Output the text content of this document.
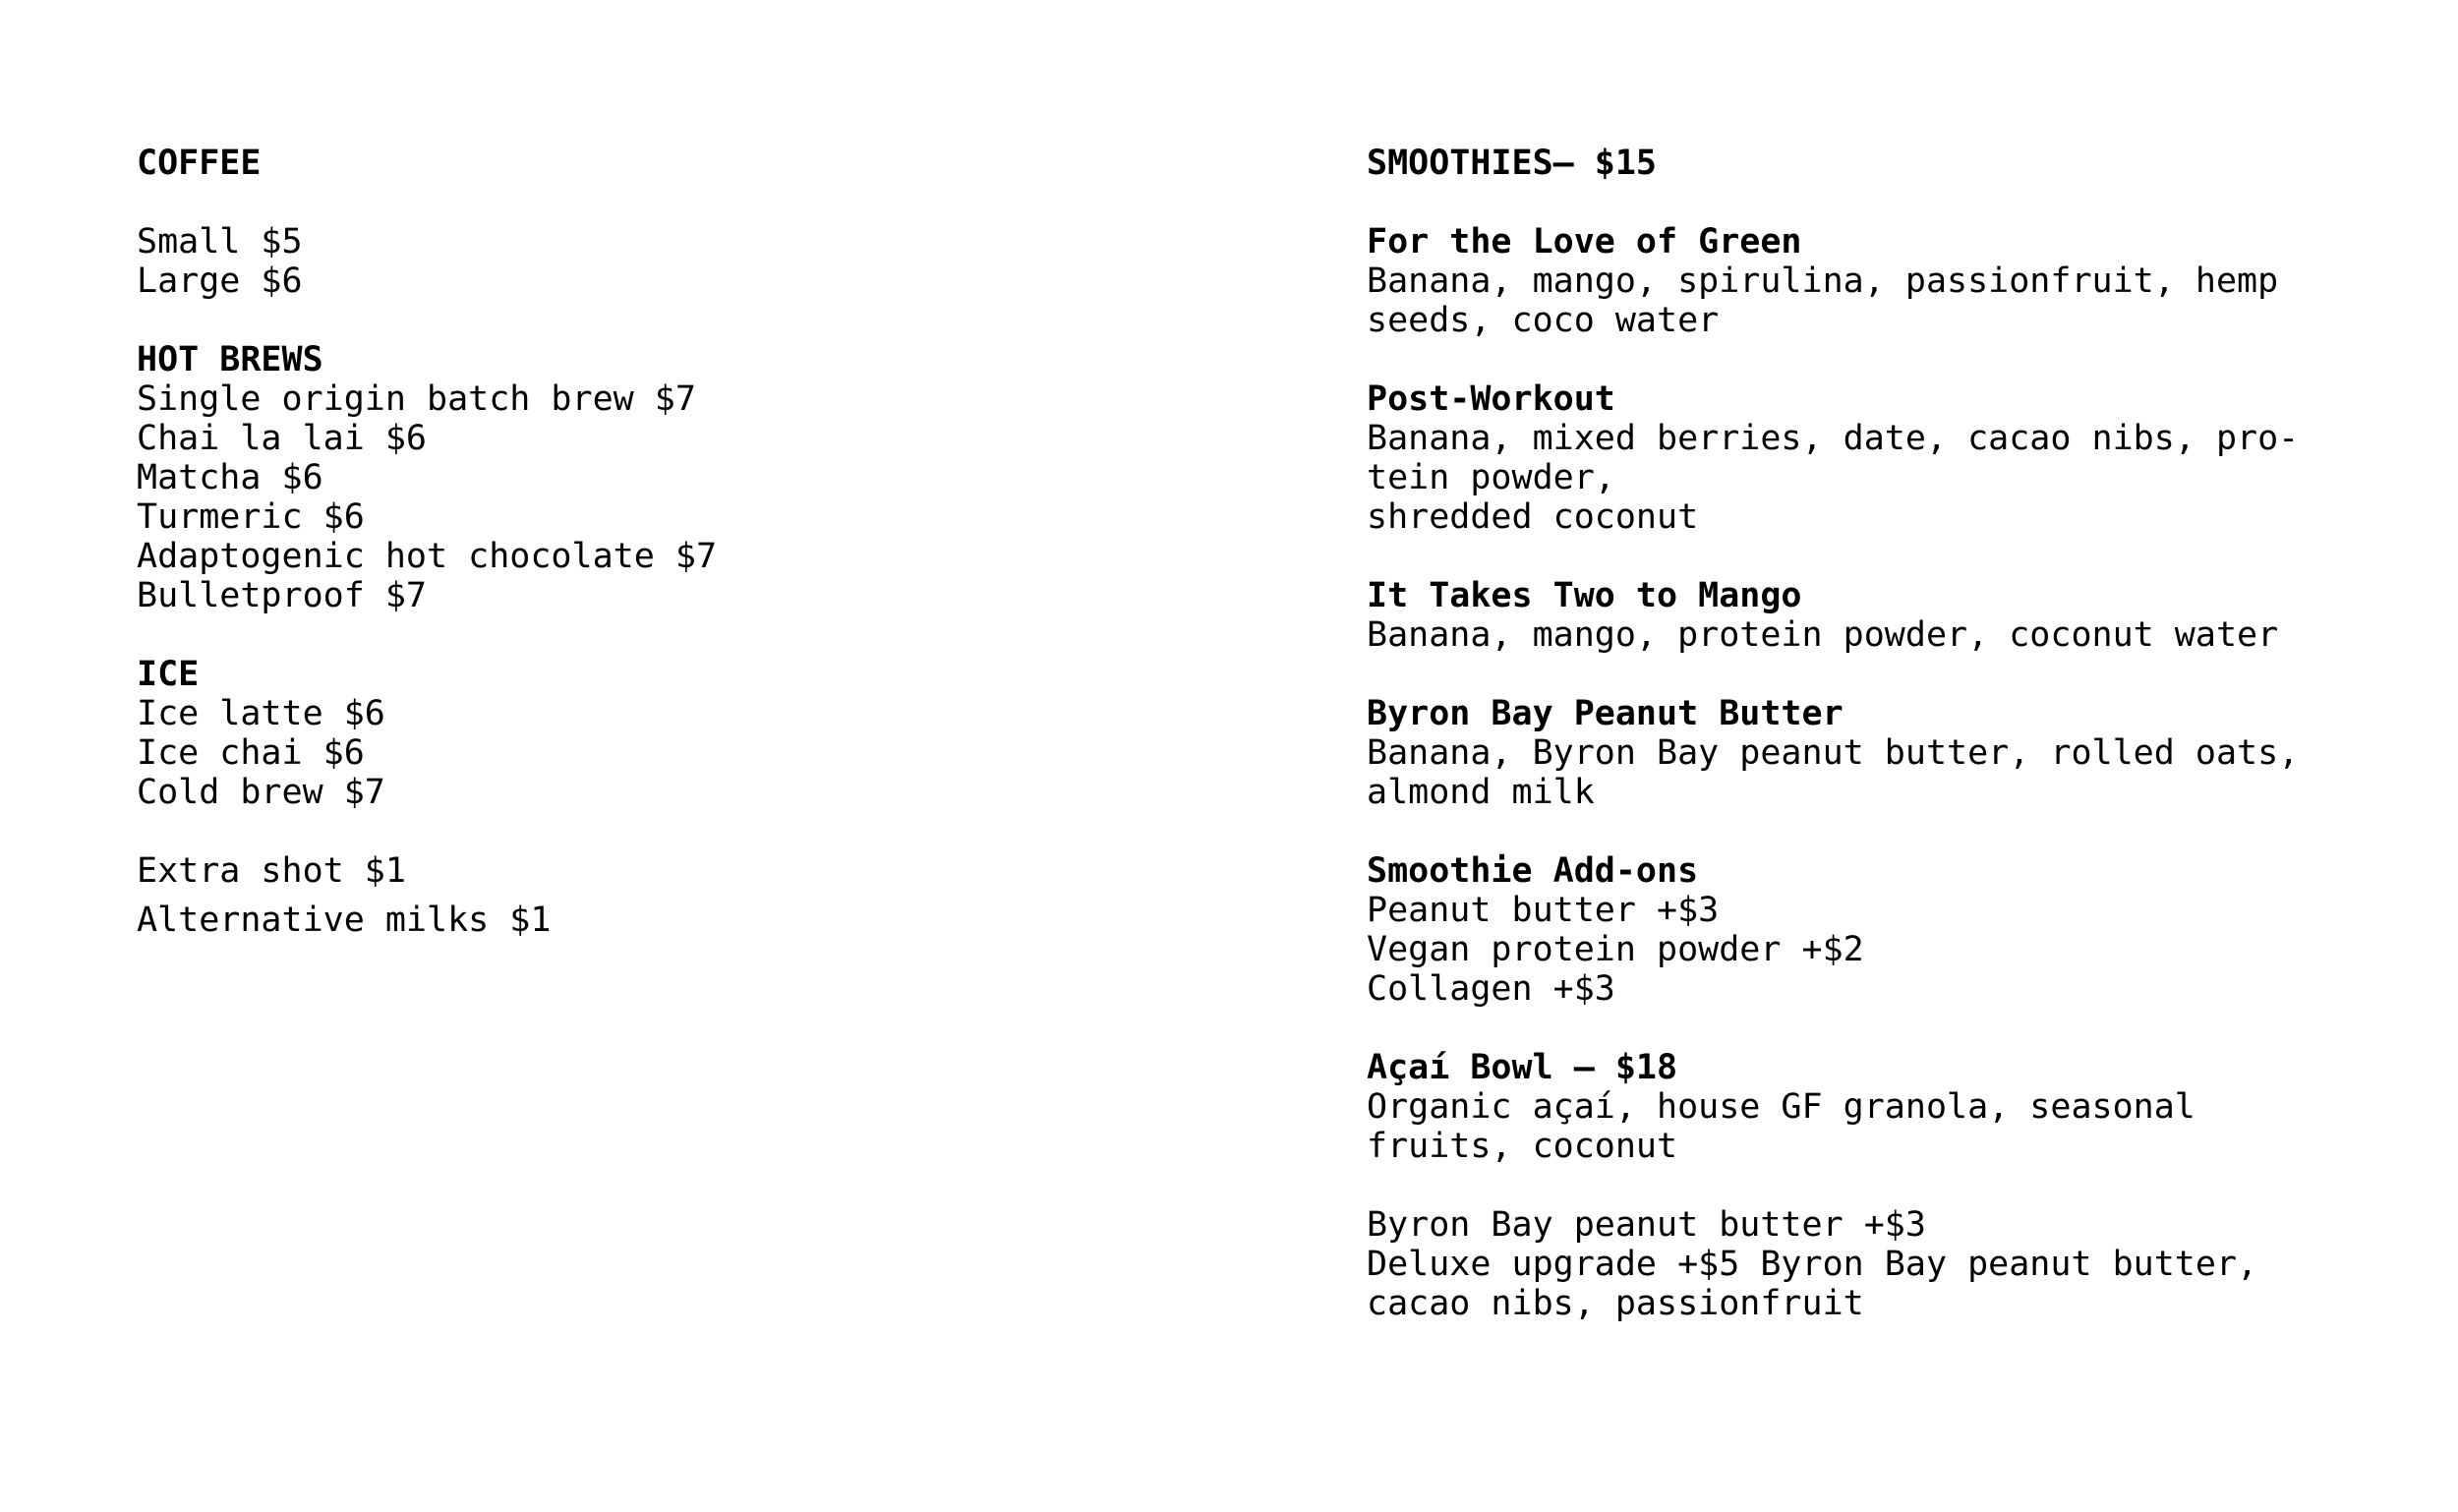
COFFEE
Small $5
Large $6
HOT BREWS
Single origin batch brew $7
Chai la lai $6
Matcha $6
Turmeric $6
Adaptogenic hot chocolate $7
Bulletproof $7
ICE
Ice latte $6
Ice chai $6
Cold brew $7
Extra shot $1
Alternative milks $1
SMOOTHIES– $15
For the Love of Green
Banana, mango, spirulina, passionfruit, hemp
seeds, coco water
Post-Workout
Banana, mixed berries, date, cacao nibs, pro-
tein powder,
shredded coconut
It Takes Two to Mango
Banana, mango, protein powder, coconut water
Byron Bay Peanut Butter
Banana, Byron Bay peanut butter, rolled oats,
almond milk
Smoothie Add-ons
Peanut butter +$3
Vegan protein powder +$2
Collagen +$3
Açaí Bowl – $18
Organic açaí, house GF granola, seasonal
fruits, coconut
Byron Bay peanut butter +$3
Deluxe upgrade +$5 Byron Bay peanut butter,
cacao nibs, passionfruit
